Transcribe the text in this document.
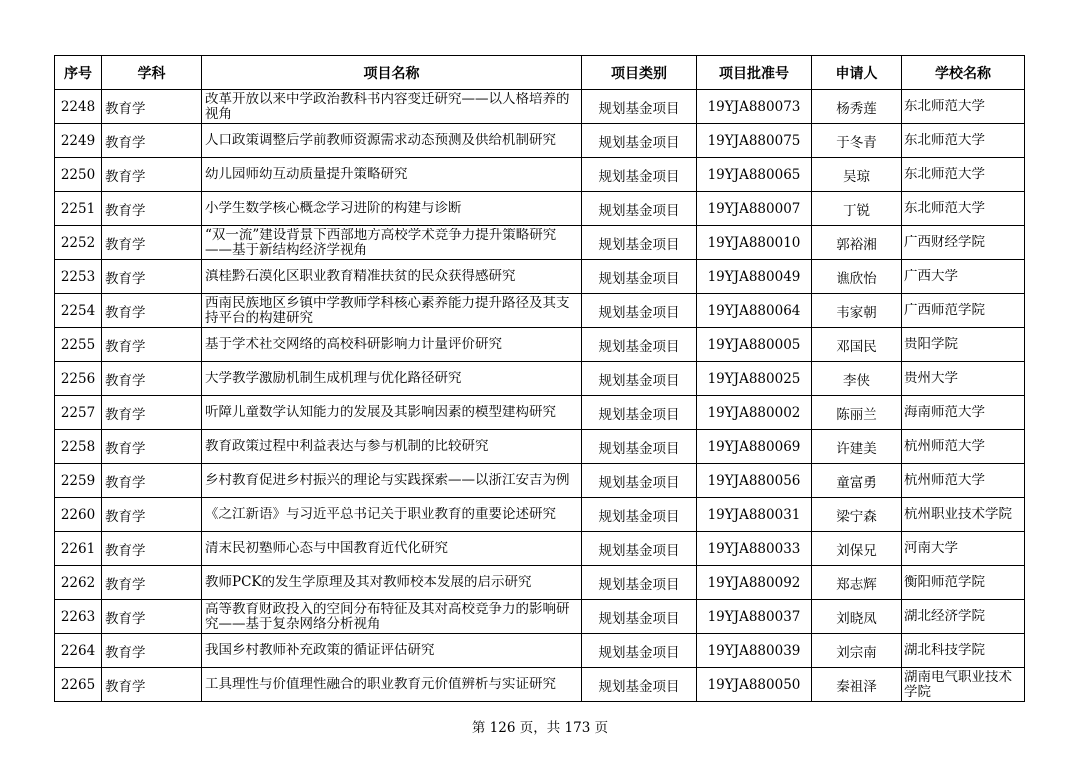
序号	学科	项目名称	项目类别	项目批准号	申请人	学校名称
2248	教育学	改革开放以来中学政治教科书内容变迁研究——以人格培养的视角	规划基金项目	19YJA880073	杨秀莲	东北师范大学

2249	教育学	人口政策调整后学前教师资源需求动态预测及供给机制研究	规划基金项目	19YJA880075	于冬青	东北师范大学

2250	教育学	幼儿园师幼互动质量提升策略研究	规划基金项目	19YJA880065	吴琼	东北师范大学

2251	教育学	小学生数学核心概念学习进阶的构建与诊断	规划基金项目	19YJA880007	丁锐	东北师范大学

2252	教育学	“双一流”建设背景下西部地方高校学术竞争力提升策略研究——基于新结构经济学视角	规划基金项目	19YJA880010	郭裕湘	广西财经学院

2253	教育学	滇桂黔石漠化区职业教育精准扶贫的民众获得感研究	规划基金项目	19YJA880049	谯欣怡	广西大学

2254	教育学	西南民族地区乡镇中学教师学科核心素养能力提升路径及其支持平台的构建研究	规划基金项目	19YJA880064	韦家朝	广西师范学院

2255	教育学	基于学术社交网络的高校科研影响力计量评价研究	规划基金项目	19YJA880005	邓国民	贵阳学院

2256	教育学	大学教学激励机制生成机理与优化路径研究	规划基金项目	19YJA880025	李侠	贵州大学

2257	教育学	听障儿童数学认知能力的发展及其影响因素的模型建构研究	规划基金项目	19YJA880002	陈丽兰	海南师范大学

2258	教育学	教育政策过程中利益表达与参与机制的比较研究	规划基金项目	19YJA880069	许建美	杭州师范大学

2259	教育学	乡村教育促进乡村振兴的理论与实践探索——以浙江安吉为例	规划基金项目	19YJA880056	童富勇	杭州师范大学

2260	教育学	《之江新语》与习近平总书记关于职业教育的重要论述研究	规划基金项目	19YJA880031	梁宁森	杭州职业技术学院

2261	教育学	清末民初塾师心态与中国教育近代化研究	规划基金项目	19YJA880033	刘保兄	河南大学

2262	教育学	教师PCK的发生学原理及其对教师校本发展的启示研究	规划基金项目	19YJA880092	郑志辉	衡阳师范学院

2263	教育学	高等教育财政投入的空间分布特征及其对高校竞争力的影响研究——基于复杂网络分析视角	规划基金项目	19YJA880037	刘晓凤	湖北经济学院

2264	教育学	我国乡村教师补充政策的循证评估研究	规划基金项目	19YJA880039	刘宗南	湖北科技学院

2265	教育学	工具理性与价值理性融合的职业教育元价值辨析与实证研究	规划基金项目	19YJA880050	秦祖泽	湖南电气职业技术学院
第 126 页，共 173 页
